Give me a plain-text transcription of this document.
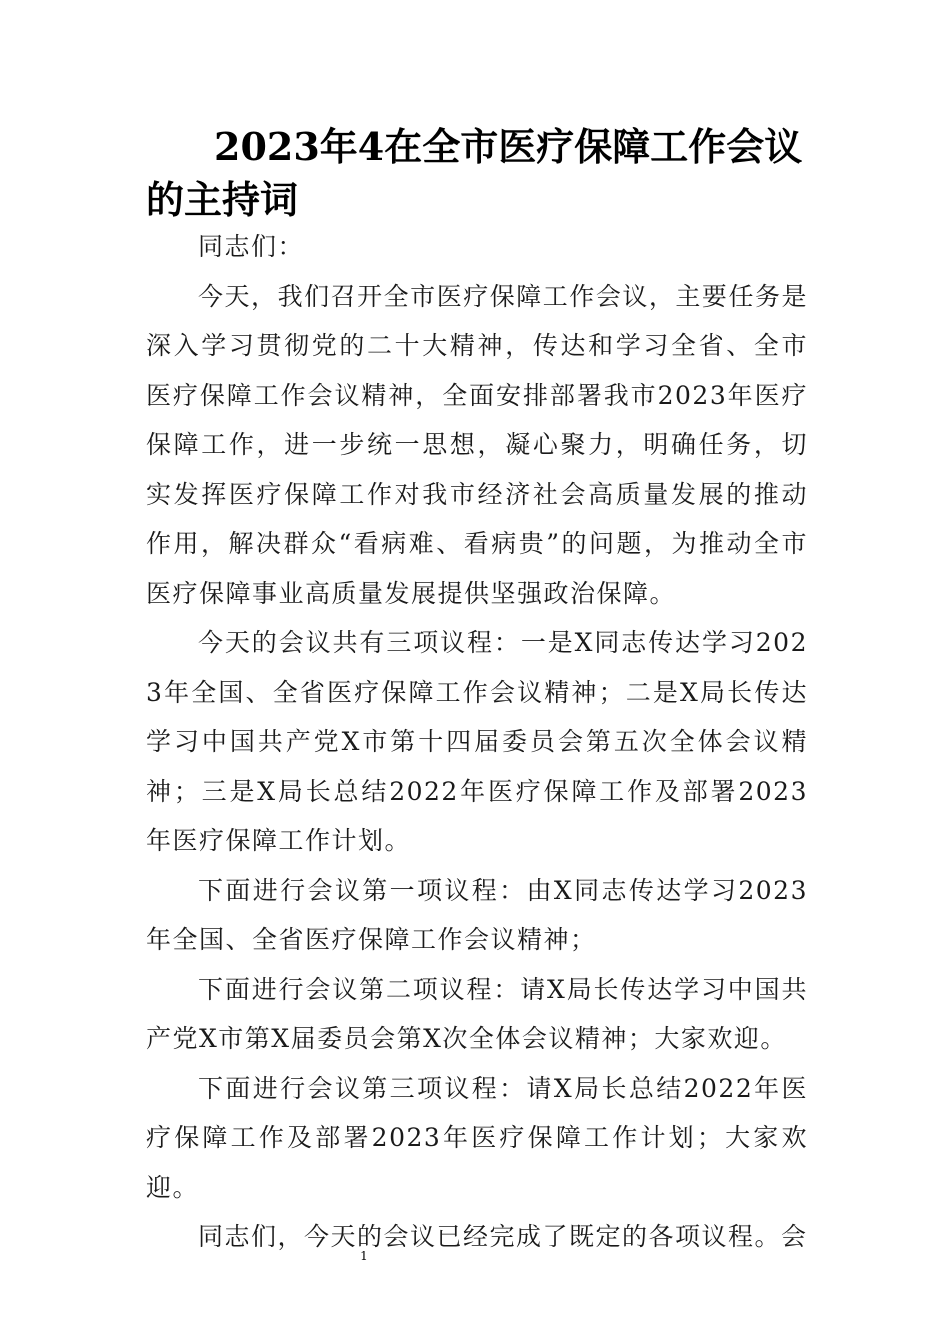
2023年4在全市医疗保障工作会议的主持词

同志们：

今天，我们召开全市医疗保障工作会议，主要任务是深入学习贯彻党的二十大精神，传达和学习全省、全市医疗保障工作会议精神，全面安排部署我市2023年医疗保障工作，进一步统一思想，凝心聚力，明确任务，切实发挥医疗保障工作对我市经济社会高质量发展的推动作用，解决群众“看病难、看病贵”的问题，为推动全市医疗保障事业高质量发展提供坚强政治保障。

今天的会议共有三项议程：一是X同志传达学习2023年全国、全省医疗保障工作会议精神；二是X局长传达学习中国共产党X市第十四届委员会第五次全体会议精神；三是X局长总结2022年医疗保障工作及部署2023年医疗保障工作计划。

下面进行会议第一项议程：由X同志传达学习2023年全国、全省医疗保障工作会议精神；

下面进行会议第二项议程：请X局长传达学习中国共产党X市第X届委员会第X次全体会议精神；大家欢迎。

下面进行会议第三项议程：请X局长总结2022年医疗保障工作及部署2023年医疗保障工作计划；大家欢迎。

同志们，今天的会议已经完成了既定的各项议程。会

1
